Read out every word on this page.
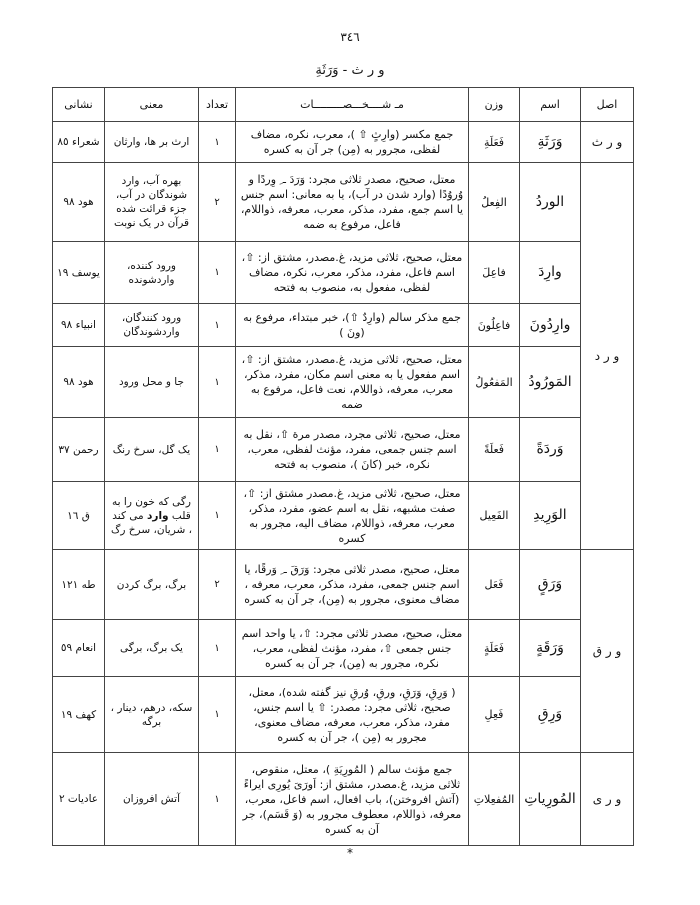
٣٤٦
و ر ث - وَرَثَةِ
اصل	اسم	وزن	مـ شــــخـــصـــــــــات	تعداد	معنی	نشانی
و ر ث	وَرَثَةِ	فَعَلَةِ	جمع مکسر (وارِثٍ ⇧ )، معرب، نکره، مضاف لفظی، مجرور به (مِن) جر آن به کسره	١	ارث بر ها، وارثان	شعراء ٨٥
و ر د	الوردُ	الفِعلُ	معتل، صحیح، مصدر ثلاثی مجرد: وَرَدَ ـ ِ وِردًا و وُروُدًا (وارد شدن در آب)، یا به معانی: اسم جنس یا اسم جمع، مفرد، مذکر، معرب، معرفه، ذواللام، فاعل، مرفوع به ضمه	٢	بهره آب، وارد شوندگان در آب، جزء قرائت شده قرآن در یک نوبت	هود ٩٨
	وارِدَ	فاعِلَ	معتل، صحیح، ثلاثی مزید، غ.مصدر، مشتق از: ⇧، اسم فاعل، مفرد، مذکر، معرب، نکره، مضاف لفظی، مفعول به، منصوب به فتحه	١	ورود کننده، واردشونده	یوسف ١٩
	وارِدُونَ	فاعِلُونَ	جمع مذکر سالم (وارِدٌ ⇧)، خبر مبتداء، مرفوع به (ونَ )	١	ورود کنندگان، واردشوندگان	انبیاء ٩٨
	المَورُودُ	المَفعُولُ	معتل، صحیح، ثلاثی مزید، غ.مصدر، مشتق از: ⇧، اسم مفعول یا به معنی اسم مکان، مفرد، مذکر، معرب، معرفه، ذواللام، نعت فاعل، مرفوع به ضمه	١	جا و محل ورود	هود ٩٨
	وَردَةً	فَعلَةً	معتل، صحیح، ثلاثی مجرد، مصدر مرة ⇧، نقل به اسم جنس جمعی، مفرد، مؤنث لفظی، معرب، نکره، خبر (کانَ )، منصوب به فتحه	١	یک گل، سرخ رنگ	رحمن ٣٧
	الوَرِيدِ	الفَعِيل	معتل، صحیح، ثلاثی مزید، غ.مصدر مشتق از: ⇧، صفت مشبهه، نقل به اسم عضو، مفرد، مذکر، معرب، معرفه، ذواللام، مضاف الیه، مجرور به کسره	١	رگی که خون را به قلب وارد می کند ، شریان، سرخ رگ	ق ١٦
و ر ق	وَرَقٍ	فَعَل	معتل، صحیح، مصدر ثلاثی مجرد: وَرَقَ ـ ِ وَرقًا، یا اسم جنس جمعی، مفرد، مذکر، معرب، معرفه ، مضاف معنوی، مجرور به (مِن)، جر آن به کسره	٢	برگ، برگ کردن	طه ١٢١
	وَرَقَةٍ	فَعَلَةٍ	معتل، صحیح، مصدر ثلاثی مجرد: ⇧، یا واحد اسم جنس جمعی ⇧، مفرد، مؤنث لفظی، معرب، نکره، مجرور به (مِن)، جر آن به کسره	١	یک برگ، برگی	انعام ٥٩
	وَرِقِ	فَعِلِ	( وَرِقِ، وَرَقِ، ورقِ، وُرقِ نیز گفته شده)، معتل، صحیح، ثلاثی مجرد: مصدر: ⇧ یا اسم جنس، مفرد، مذکر، معرب، معرفه، مضاف معنوی، مجرور به (مِن )، جر آن به کسره	١	سکه، درهم، دینار ، برگه	کهف ١٩
و ر ی	المُورِياتِ	المُفعِلاتِ	جمع مؤنث سالم ( المُورِيَةِ )، معتل، منقوص، ثلاثی مزید، غ.مصدر، مشتق از: اَورَیَ یُورِی ایراءً (آتش افروختن)، باب افعال، اسم فاعل، معرب، معرفه، ذواللام، معطوف مجرور به (وَ قَسَم)، جر آن به کسره	١	آتش افروزان	عادیات ٢
*
